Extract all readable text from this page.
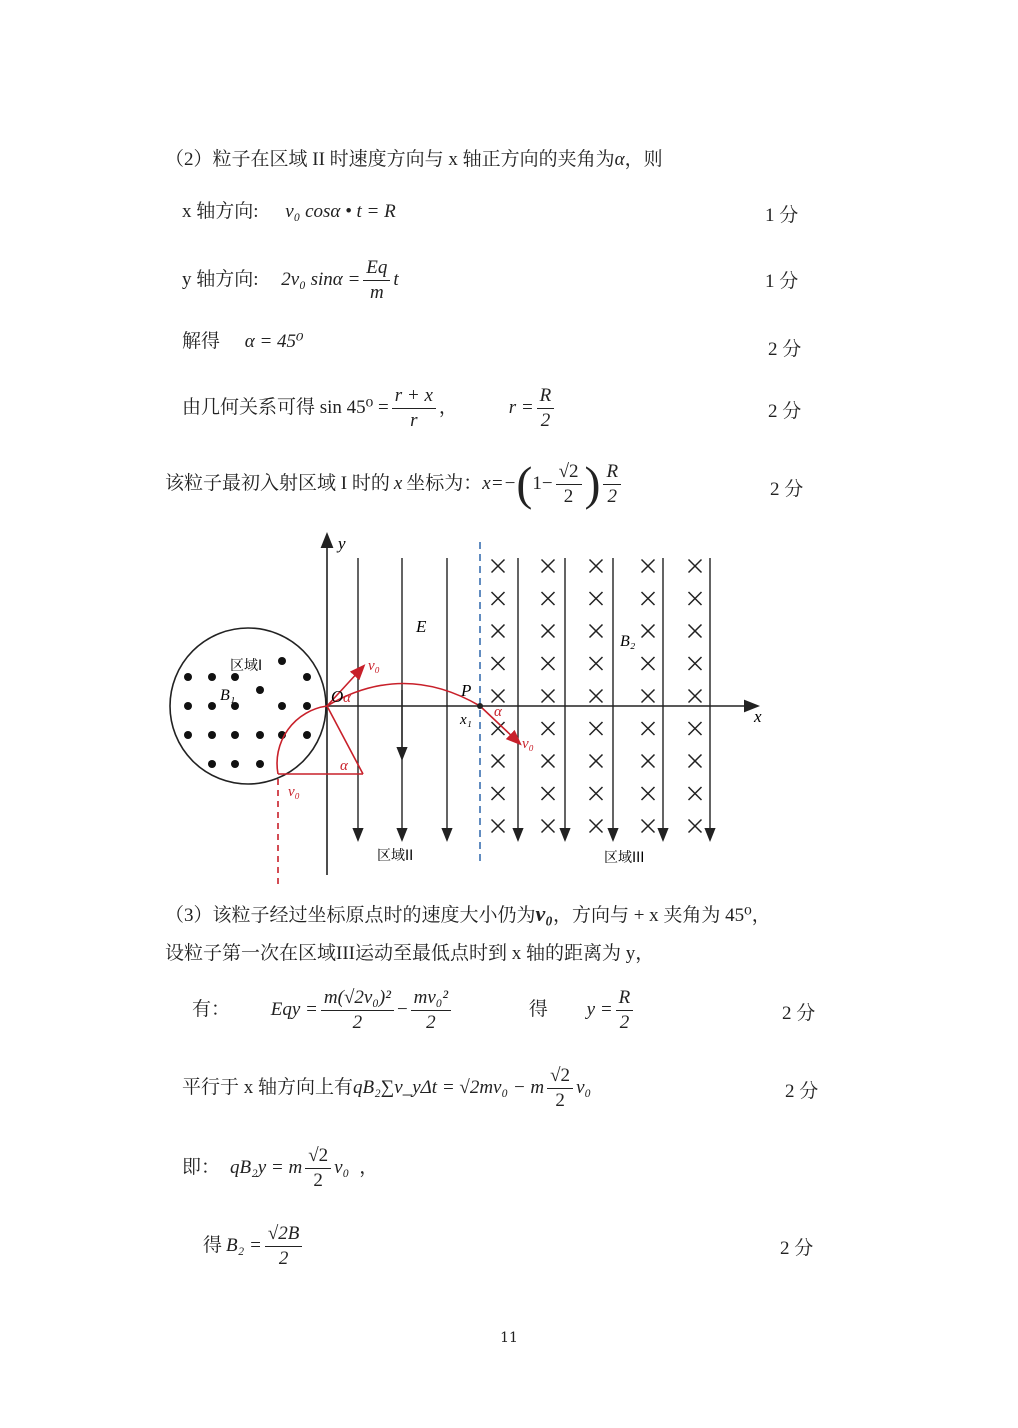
（2）粒子在区域 II 时速度方向与 x 轴正方向的夹角为α，则
x 轴方向: v₀ cosα • t = R	1 分
y 轴方向: 2v₀ $\sin\alpha = \frac{Eq}{m}$ t	1 分
解得 α = 45⁰	2 分
由几何关系可得 $\sin 45^0 = \frac{r + x}{r}$ ，	$r = \frac{R}{2}$	2 分
该粒子最初入射区域 I 时的 x 坐标为：$x=-(1- \frac{√2}{2}$ ) $\frac{R}{2}$	2 分
y
x
E
B₂
B₁
区域I
区域II	区域III
O	P
x₁
α
α
α
v₀
v₀
v₀
（3）该粒子经过坐标原点时的速度大小仍为v₀，方向与 + x 夹角为 45⁰，
设粒子第一次在区域III运动至最低点时到 x 轴的距离为 y，
有： Eqy = $\frac{\text{m(√2v₀)²}}{2} - \frac{\text{mv₀²}}{2}$	得 $y = \frac{R}{2}$	2 分
平行于 x 轴方向上有qB₂∑v_yΔt = √2mv₀ − m $\frac{√2}{2} v_0$	2 分
即： qB₂y = m $\frac{√2}{2} v_0$ ，
得 $B_2 = \frac{√2B}{2}$	2 分
11
